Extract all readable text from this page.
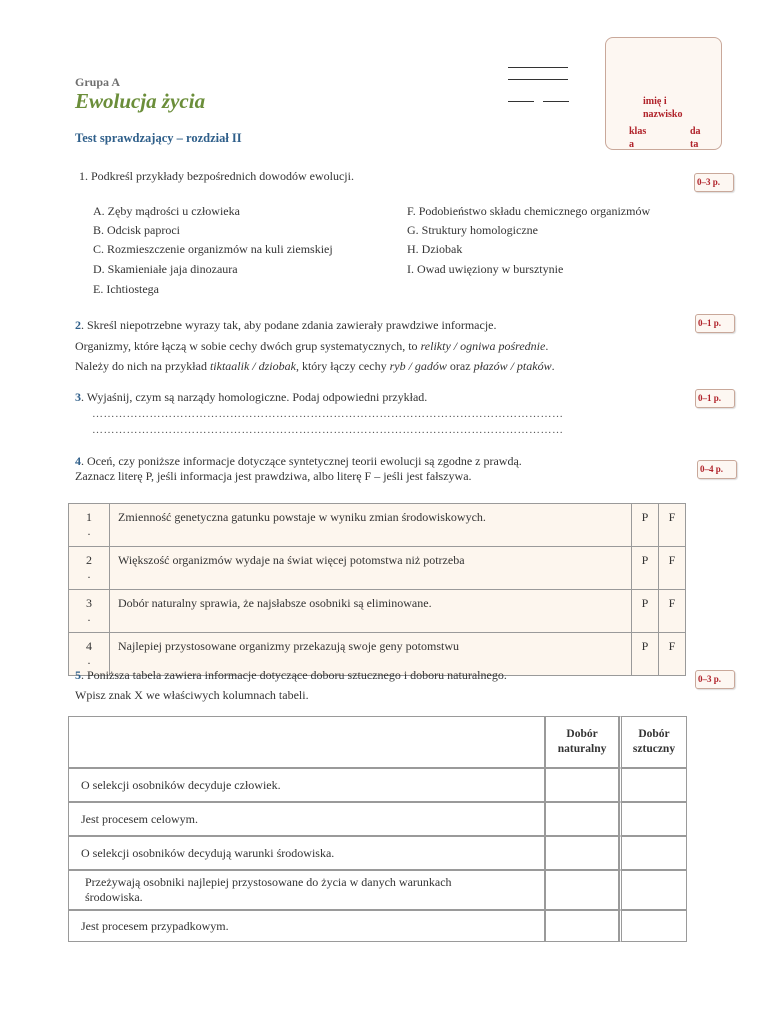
Grupa A
Ewolucja życia
Test sprawdzający – rozdział II
imię i
nazwisko
klas
a
da
ta
1. Podkreśl przykłady bezpośrednich dowodów ewolucji.	0–3 p.
A. Zęby mądrości u człowieka
B. Odcisk paproci
C. Rozmieszczenie organizmów na kuli ziemskiej
D. Skamieniałe jaja dinozaura
E. Ichtiostega
F. Podobieństwo składu chemicznego organizmów
G. Struktury homologiczne
H. Dziobak
I. Owad uwięziony w bursztynie
2. Skreśl niepotrzebne wyrazy tak, aby podane zdania zawierały prawdziwe informacje.	0–1 p.
Organizmy, które łączą w sobie cechy dwóch grup systematycznych, to relikty / ogniwa pośrednie.
Należy do nich na przykład tiktaalik / dziobak, który łączy cechy ryb / gadów oraz płazów / ptaków.
3. Wyjaśnij, czym są narządy homologiczne. Podaj odpowiedni przykład.	0–1 p.
……………………………………………………………………………………………………………
……………………………………………………………………………………………………………
4. Oceń, czy poniższe informacje dotyczące syntetycznej teorii ewolucji są zgodne z prawdą.
Zaznacz literę P, jeśli informacja jest prawdziwa, albo literę F – jeśli jest fałszywa.	0–4 p.
1
.	Zmienność genetyczna gatunku powstaje w wyniku zmian środowiskowych.	P	F
2
.	Większość organizmów wydaje na świat więcej potomstwa niż potrzeba	P	F
3
.	Dobór naturalny sprawia, że najsłabsze osobniki są eliminowane.	P	F
4
.	Najlepiej przystosowane organizmy przekazują swoje geny potomstwu	P	F
5. Poniższa tabela zawiera informacje dotyczące doboru sztucznego i doboru naturalnego.
Wpisz znak X we właściwych kolumnach tabeli.
0–3 p.
	Dobór
naturalny	Dobór
sztuczny
O selekcji osobników decyduje człowiek.		
Jest procesem celowym.		
O selekcji osobników decydują warunki środowiska.		
Przeżywają osobniki najlepiej przystosowane do życia w danych warunkach środowiska.		
Jest procesem przypadkowym.		
